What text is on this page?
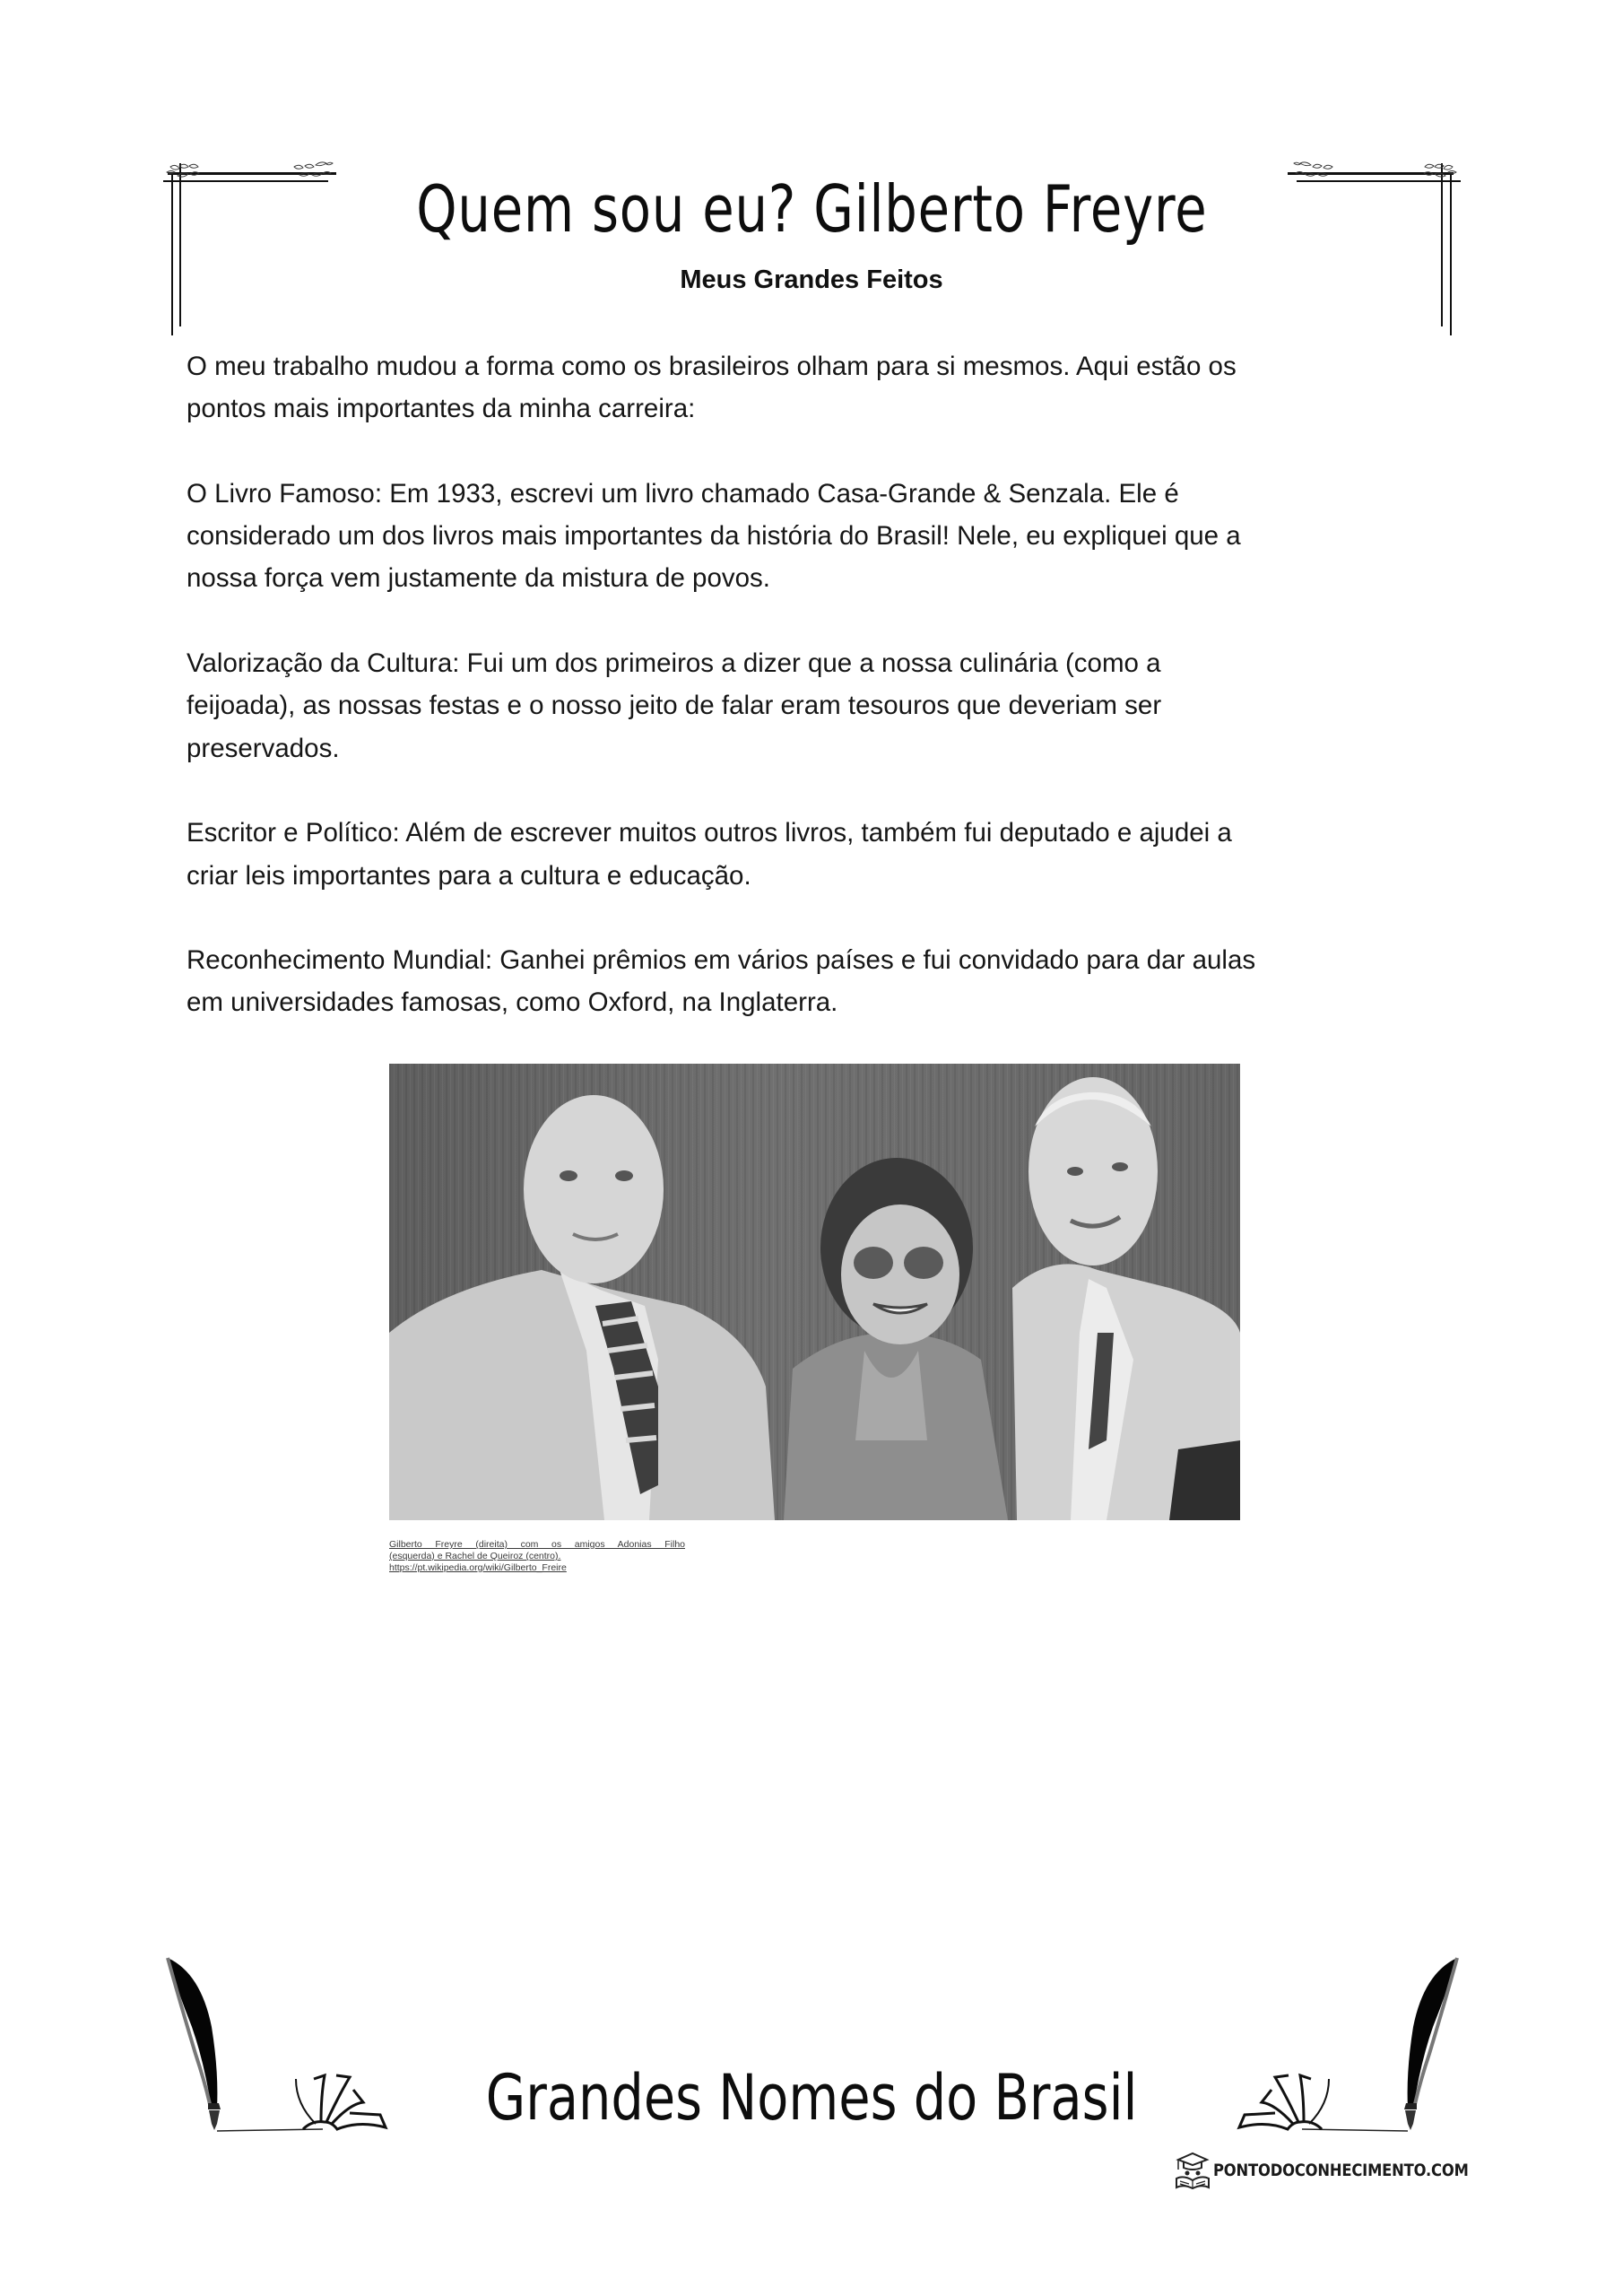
Quem sou eu? Gilberto Freyre
Meus Grandes Feitos

O meu trabalho mudou a forma como os brasileiros olham para si mesmos. Aqui estão os
pontos mais importantes da minha carreira:

O Livro Famoso: Em 1933, escrevi um livro chamado Casa-Grande & Senzala. Ele é
considerado um dos livros mais importantes da história do Brasil! Nele, eu expliquei que a
nossa força vem justamente da mistura de povos.

Valorização da Cultura: Fui um dos primeiros a dizer que a nossa culinária (como a
feijoada), as nossas festas e o nosso jeito de falar eram tesouros que deveriam ser
preservados.

Escritor e Político: Além de escrever muitos outros livros, também fui deputado e ajudei a
criar leis importantes para a cultura e educação.

Reconhecimento Mundial: Ganhei prêmios em vários países e fui convidado para dar aulas
em universidades famosas, como Oxford, na Inglaterra.

Gilberto Freyre (direita) com os amigos Adonias Filho
(esquerda) e Rachel de Queiroz (centro).
https://pt.wikipedia.org/wiki/Gilberto_Freire
Grandes Nomes do Brasil
PONTODOCONHECIMENTO.COM
